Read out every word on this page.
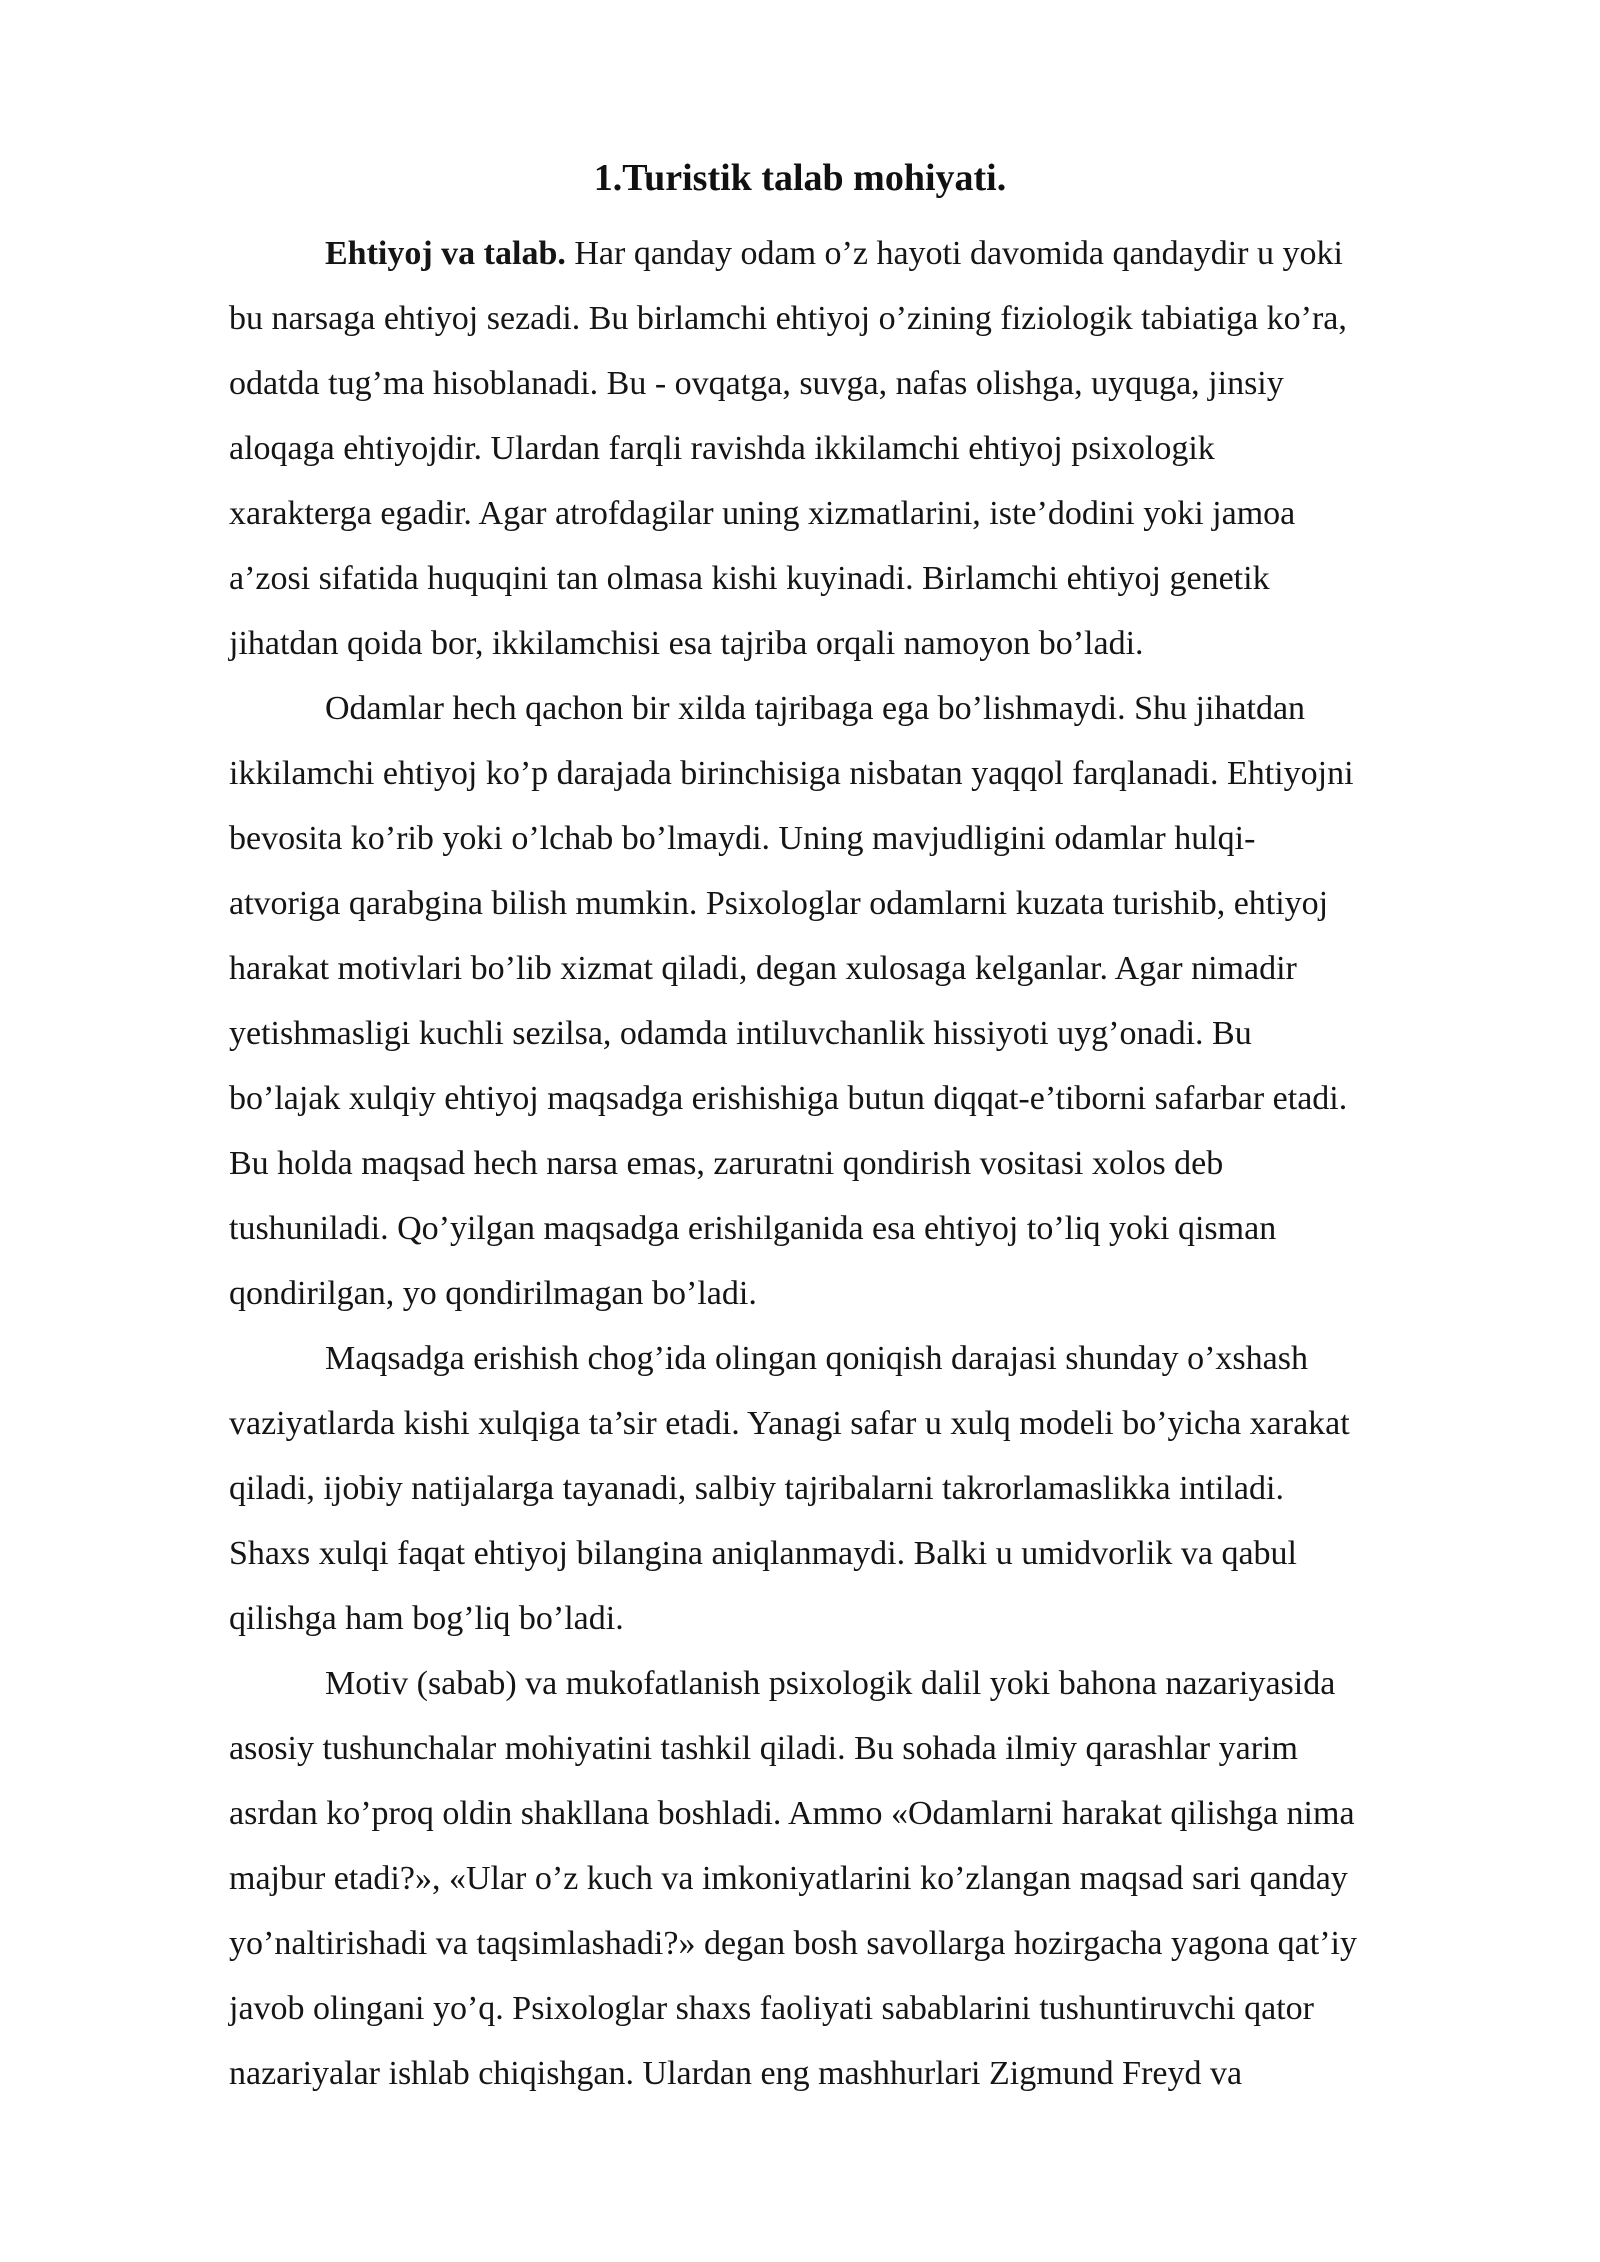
1.Turistik talab mohiyati.
Ehtiyoj va talab. Har qanday odam o’z hayoti davomida qandaydir u yoki
bu narsaga ehtiyoj sezadi. Bu birlamchi ehtiyoj o’zining fiziologik tabiatiga ko’ra,
odatda tug’ma hisoblanadi. Bu - ovqatga, suvga, nafas olishga, uyquga, jinsiy
aloqaga ehtiyojdir. Ulardan farqli ravishda ikkilamchi ehtiyoj psixologik
xarakterga egadir. Agar atrofdagilar uning xizmatlarini, iste’dodini yoki jamoa
a’zosi sifatida huquqini tan olmasa kishi kuyinadi. Birlamchi ehtiyoj genetik
jihatdan qoida bor, ikkilamchisi esa tajriba orqali namoyon bo’ladi.
Odamlar hech qachon bir xilda tajribaga ega bo’lishmaydi. Shu jihatdan
ikkilamchi ehtiyoj ko’p darajada birinchisiga nisbatan yaqqol farqlanadi. Ehtiyojni
bevosita ko’rib yoki o’lchab bo’lmaydi. Uning mavjudligini odamlar hulqi-
atvoriga qarabgina bilish mumkin. Psixologlar odamlarni kuzata turishib, ehtiyoj
harakat motivlari bo’lib xizmat qiladi, degan xulosaga kelganlar. Agar nimadir
yetishmasligi kuchli sezilsa, odamda intiluvchanlik hissiyoti uyg’onadi. Bu
bo’lajak xulqiy ehtiyoj maqsadga erishishiga butun diqqat-e’tiborni safarbar etadi.
Bu holda maqsad hech narsa emas, zaruratni qondirish vositasi xolos deb
tushuniladi. Qo’yilgan maqsadga erishilganida esa ehtiyoj to’liq yoki qisman
qondirilgan, yo qondirilmagan bo’ladi.
Maqsadga erishish chog’ida olingan qoniqish darajasi shunday o’xshash
vaziyatlarda kishi xulqiga ta’sir etadi. Yanagi safar u xulq modeli bo’yicha xarakat
qiladi, ijobiy natijalarga tayanadi, salbiy tajribalarni takrorlamaslikka intiladi.
Shaxs xulqi faqat ehtiyoj bilangina aniqlanmaydi. Balki u umidvorlik va qabul
qilishga ham bog’liq bo’ladi.
Motiv (sabab) va mukofatlanish psixologik dalil yoki bahona nazariyasida
asosiy tushunchalar mohiyatini tashkil qiladi. Bu sohada ilmiy qarashlar yarim
asrdan ko’proq oldin shakllana boshladi. Ammo «Odamlarni harakat qilishga nima
majbur etadi?», «Ular o’z kuch va imkoniyatlarini ko’zlangan maqsad sari qanday
yo’naltirishadi va taqsimlashadi?» degan bosh savollarga hozirgacha yagona qat’iy
javob olingani yo’q. Psixologlar shaxs faoliyati sabablarini tushuntiruvchi qator
nazariyalar ishlab chiqishgan. Ulardan eng mashhurlari Zigmund Freyd va
